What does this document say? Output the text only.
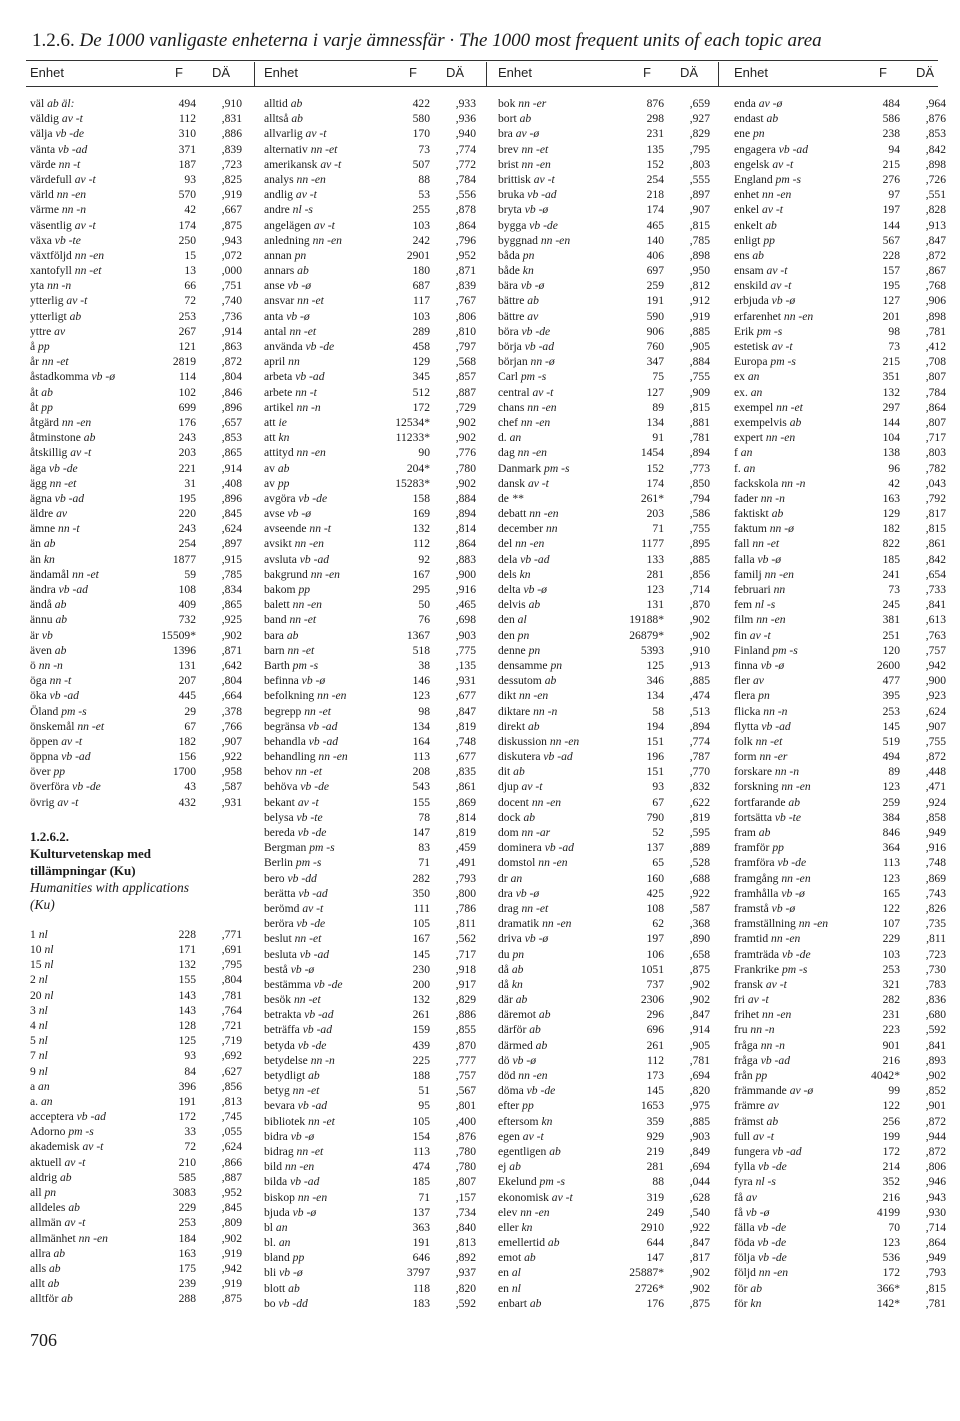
1.2.6. De 1000 vanligaste enheterna i varje ämnessfär · The 1000 most frequent units of each topic area
Enhet	F DÄ	Enhet	F DÄ	Enhet	F DÄ	Enhet	F DÄ
väl ab äl:	494	,910
väldig av -t	112	,831
välja vb -de	310	,886
vänta vb -ad	371	,839
värde nn -t	187	,723
värdefull av -t	93	,825
värld nn -en	570	,919
värme nn -n	42	,667
väsentlig av -t	174	,875
växa vb -te	250	,943
växtföljd nn -en	15	,072
xantofyll nn -et	13	,000
yta nn -n	66	,751
ytterlig av -t	72	,740
ytterligt ab	253	,736
yttre av	267	,914
å pp	121	,863
år nn -et	2819	,872
åstadkomma vb -ø	114	,804
åt ab	102	,846
åt pp	699	,896
åtgärd nn -en	176	,657
åtminstone ab	243	,853
åtskillig av -t	203	,865
äga vb -de	221	,914
ägg nn -et	31	,408
ägna vb -ad	195	,896
äldre av	220	,845
ämne nn -t	243	,624
än ab	254	,897
än kn	1877	,915
ändamål nn -et	59	,785
ändra vb -ad	108	,834
ändå ab	409	,865
ännu ab	732	,925
är vb	15509*	,902
även ab	1396	,871
ö nn -n	131	,642
öga nn -t	207	,804
öka vb -ad	445	,664
Öland pm -s	29	,378
önskemål nn -et	67	,766
öppen av -t	182	,907
öppna vb -ad	156	,922
över pp	1700	,958
överföra vb -de	43	,587
övrig av -t	432	,931
1.2.6.2.
Kulturvetenskap med
tillämpningar (Ku)
Humanities with applications
(Ku)
1 nl	228	,771
10 nl	171	,691
15 nl	132	,795
2 nl	155	,804
20 nl	143	,781
3 nl	143	,764
4 nl	128	,721
5 nl	125	,719
7 nl	93	,692
9 nl	84	,627
a an	396	,856
a. an	191	,813
acceptera vb -ad	172	,745
Adorno pm -s	33	,055
akademisk av -t	72	,624
aktuell av -t	210	,866
aldrig ab	585	,887
all pn	3083	,952
alldeles ab	229	,845
allmän av -t	253	,809
allmänhet nn -en	184	,902
allra ab	163	,919
alls ab	175	,942
allt ab	239	,919
alltför ab	288	,875
alltid ab	422	,933
alltså ab	580	,936
allvarlig av -t	170	,940
alternativ nn -et	73	,774
amerikansk av -t	507	,772
analys nn -en	88	,784
andlig av -t	53	,556
andre nl -s	255	,878
angelägen av -t	103	,864
anledning nn -en	242	,796
annan pn	2901	,952
annars ab	180	,871
anse vb -ø	687	,839
ansvar nn -et	117	,767
anta vb -ø	103	,806
antal nn -et	289	,810
använda vb -de	458	,797
april nn	129	,568
arbeta vb -ad	345	,857
arbete nn -t	512	,887
artikel nn -n	172	,729
att ie	12534*	,902
att kn	11233*	,902
attityd nn -en	90	,776
av ab	204*	,780
av pp	15283*	,902
avgöra vb -de	158	,884
avse vb -ø	169	,894
avseende nn -t	132	,814
avsikt nn -en	112	,864
avsluta vb -ad	92	,883
bakgrund nn -en	167	,900
bakom pp	295	,916
balett nn -en	50	,465
band nn -et	76	,698
bara ab	1367	,903
barn nn -et	518	,775
Barth pm -s	38	,135
befinna vb -ø	146	,931
befolkning nn -en	123	,677
begrepp nn -et	98	,847
begränsa vb -ad	134	,819
behandla vb -ad	164	,748
behandling nn -en	113	,677
behov nn -et	208	,835
behöva vb -de	543	,861
bekant av -t	155	,869
belysa vb -te	78	,814
bereda vb -de	147	,819
Bergman pm -s	83	,459
Berlin pm -s	71	,491
bero vb -dd	282	,793
berätta vb -ad	350	,800
berömd av -t	111	,786
beröra vb -de	105	,811
beslut nn -et	167	,562
besluta vb -ad	145	,717
bestå vb -ø	230	,918
bestämma vb -de	200	,917
besök nn -et	132	,829
betrakta vb -ad	261	,886
beträffa vb -ad	159	,855
betyda vb -de	439	,870
betydelse nn -n	225	,777
betydligt ab	188	,757
betyg nn -et	51	,567
bevara vb -ad	95	,801
bibliotek nn -et	105	,400
bidra vb -ø	154	,876
bidrag nn -et	113	,780
bild nn -en	474	,780
bilda vb -ad	185	,807
biskop nn -en	71	,157
bjuda vb -ø	137	,734
bl an	363	,840
bl. an	191	,813
bland pp	646	,892
bli vb -ø	3797	,937
blott ab	118	,820
bo vb -dd	183	,592
bok nn -er	876	,659
bort ab	298	,927
bra av -ø	231	,829
brev nn -et	135	,795
brist nn -en	152	,803
brittisk av -t	254	,555
bruka vb -ad	218	,897
bryta vb -ø	174	,907
bygga vb -de	465	,815
byggnad nn -en	140	,785
båda pn	406	,898
både kn	697	,950
bära vb -ø	259	,812
bättre ab	191	,912
bättre av	590	,919
böra vb -de	906	,885
börja vb -ad	760	,905
början nn -ø	347	,884
Carl pm -s	75	,755
central av -t	127	,909
chans nn -en	89	,815
chef nn -en	134	,881
d. an	91	,781
dag nn -en	1454	,894
Danmark pm -s	152	,773
dansk av -t	174	,850
de **	261*	,794
debatt nn -en	203	,586
december nn	71	,755
del nn -en	1177	,895
dela vb -ad	133	,885
dels kn	281	,856
delta vb -ø	123	,714
delvis ab	131	,870
den al	19188*	,902
den pn	26879*	,902
denne pn	5393	,910
densamme pn	125	,913
dessutom ab	346	,885
dikt nn -en	134	,474
diktare nn -n	58	,513
direkt ab	194	,894
diskussion nn -en	151	,774
diskutera vb -ad	196	,787
dit ab	151	,770
djup av -t	93	,832
docent nn -en	67	,622
dock ab	790	,819
dom nn -ar	52	,595
dominera vb -ad	137	,889
domstol nn -en	65	,528
dr an	160	,688
dra vb -ø	425	,922
drag nn -et	108	,587
dramatik nn -en	62	,368
driva vb -ø	197	,890
du pn	106	,658
då ab	1051	,875
då kn	737	,902
där ab	2306	,902
däremot ab	296	,847
därför ab	696	,914
därmed ab	261	,905
dö vb -ø	112	,781
död nn -en	173	,694
döma vb -de	145	,820
efter pp	1653	,975
eftersom kn	359	,885
egen av -t	929	,903
egentligen ab	219	,849
ej ab	281	,694
Ekelund pm -s	88	,044
ekonomisk av -t	319	,628
elev nn -en	249	,540
eller kn	2910	,922
emellertid ab	644	,847
emot ab	147	,817
en al	25887*	,902
en nl	2726*	,902
enbart ab	176	,875
enda av -ø	484	,964
endast ab	586	,876
ene pn	238	,853
engagera vb -ad	94	,842
engelsk av -t	215	,898
England pm -s	276	,726
enhet nn -en	97	,551
enkel av -t	197	,828
enkelt ab	144	,913
enligt pp	567	,847
ens ab	228	,872
ensam av -t	157	,867
enskild av -t	195	,768
erbjuda vb -ø	127	,906
erfarenhet nn -en	201	,898
Erik pm -s	98	,781
estetisk av -t	73	,412
Europa pm -s	215	,708
ex an	351	,807
ex. an	132	,784
exempel nn -et	297	,864
exempelvis ab	144	,807
expert nn -en	104	,717
f an	138	,803
f. an	96	,782
fackskola nn -n	42	,043
fader nn -n	163	,792
faktiskt ab	129	,817
faktum nn -ø	182	,815
fall nn -et	822	,861
falla vb -ø	185	,842
familj nn -en	241	,654
februari nn	73	,733
fem nl -s	245	,841
film nn -en	381	,613
fin av -t	251	,763
Finland pm -s	120	,757
finna vb -ø	2600	,942
fler av	477	,900
flera pn	395	,923
flicka nn -n	253	,624
flytta vb -ad	145	,907
folk nn -et	519	,755
form nn -er	494	,872
forskare nn -n	89	,448
forskning nn -en	123	,471
fortfarande ab	259	,924
fortsätta vb -te	384	,858
fram ab	846	,949
framför pp	364	,916
framföra vb -de	113	,748
framgång nn -en	123	,869
framhålla vb -ø	165	,743
framstå vb -ø	122	,826
framställning nn -en	107	,735
framtid nn -en	229	,811
framträda vb -de	103	,723
Frankrike pm -s	253	,730
fransk av -t	321	,783
fri av -t	282	,836
frihet nn -en	231	,680
fru nn -n	223	,592
fråga nn -n	901	,841
fråga vb -ad	216	,893
från pp	4042*	,902
främmande av -ø	99	,852
främre av	122	,901
främst ab	256	,872
full av -t	199	,944
fungera vb -ad	172	,872
fylla vb -de	214	,806
fyra nl -s	352	,946
få av	216	,943
få vb -ø	4199	,930
fälla vb -de	70	,714
föda vb -de	123	,864
följa vb -de	536	,949
följd nn -en	172	,793
för ab	366*	,815
för kn	142*	,781
706
